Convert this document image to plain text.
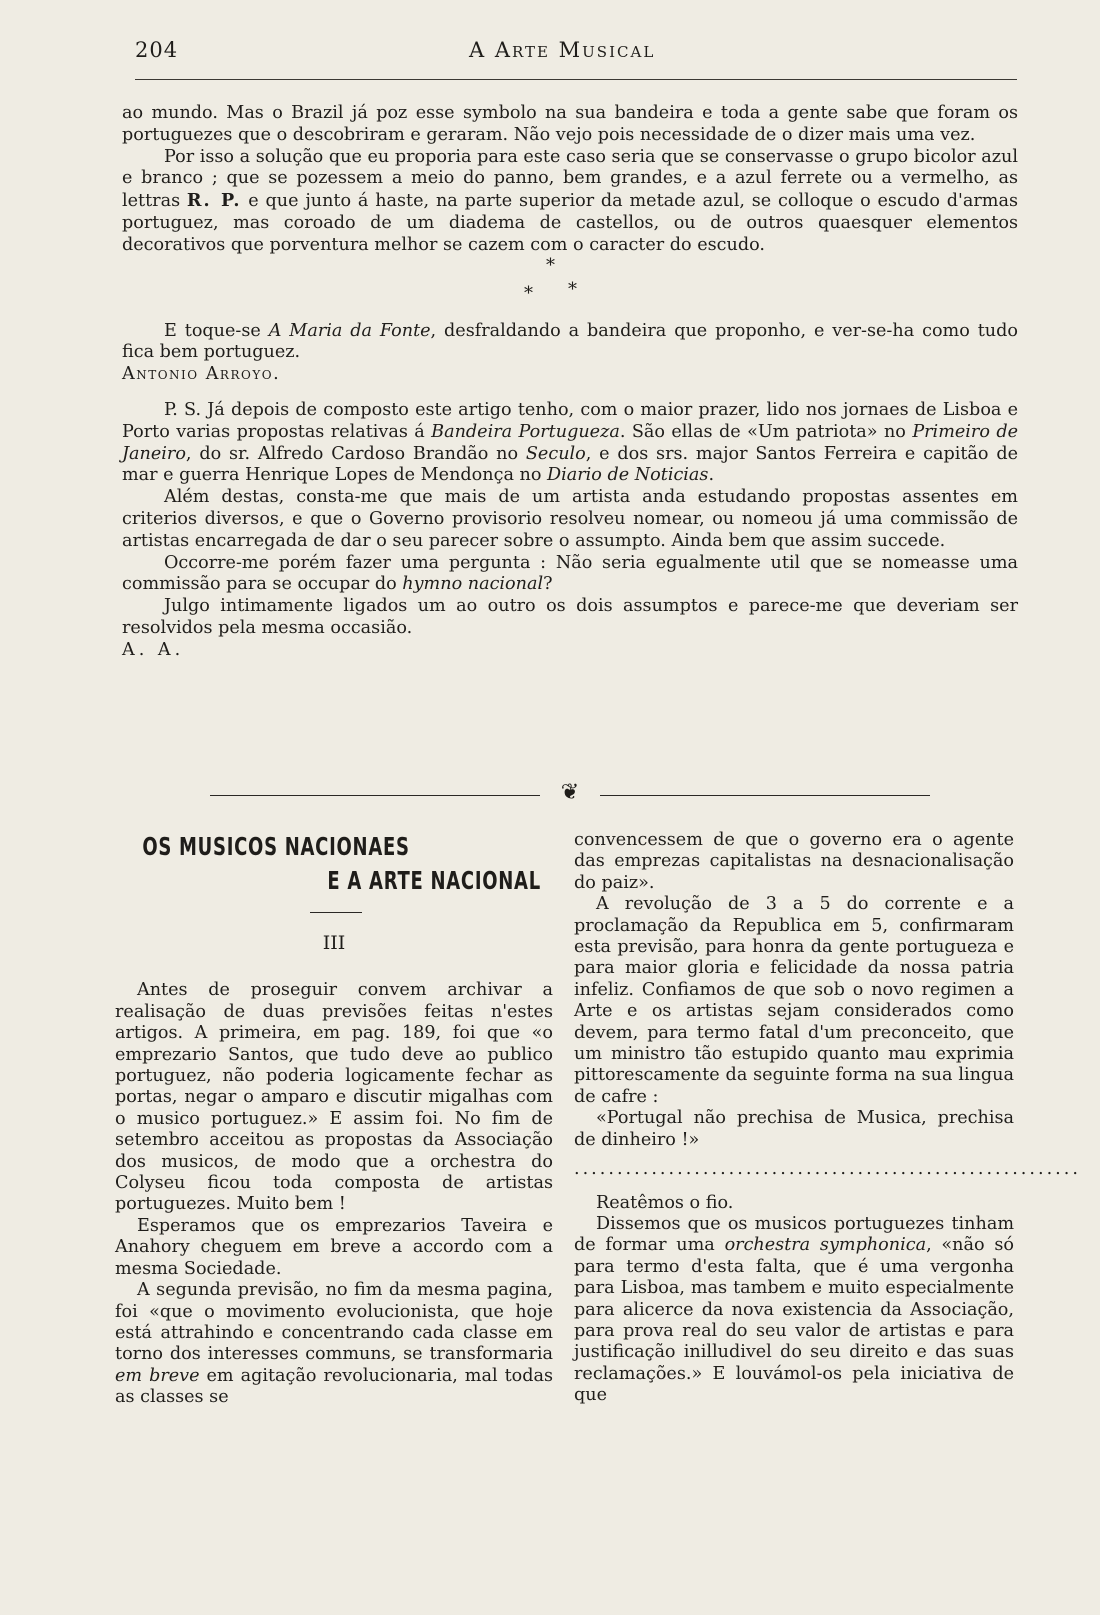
204	A Arte Musical

ao mundo. Mas o Brazil já poz esse symbolo na sua bandeira e toda a gente sabe que foram os portuguezes que o descobriram e geraram. Não vejo pois necessidade de o dizer mais uma vez.

Por isso a solução que eu proporia para este caso seria que se conservasse o grupo bicolor azul e branco ; que se pozessem a meio do panno, bem grandes, e a azul ferrete ou a vermelho, as lettras R. P. e que junto á haste, na parte superior da metade azul, se colloque o escudo d'armas portuguez, mas coroado de um diadema de castellos, ou de outros quaesquer elementos decorativos que porventura melhor se cazem com o caracter do escudo.

*
* *

E toque-se A Maria da Fonte, desfraldando a bandeira que proponho, e ver-se-ha como tudo fica bem portuguez.

Antonio Arroyo.

P. S. Já depois de composto este artigo tenho, com o maior prazer, lido nos jornaes de Lisboa e Porto varias propostas relativas á Bandeira Portugueza. São ellas de «Um patriota» no Primeiro de Janeiro, do sr. Alfredo Cardoso Brandão no Seculo, e dos srs. major Santos Ferreira e capitão de mar e guerra Henrique Lopes de Mendonça no Diario de Noticias.

Além destas, consta-me que mais de um artista anda estudando propostas assentes em criterios diversos, e que o Governo provisorio resolveu nomear, ou nomeou já uma commissão de artistas encarregada de dar o seu parecer sobre o assumpto. Ainda bem que assim succede.

Occorre-me porém fazer uma pergunta : Não seria egualmente util que se nomeasse uma commissão para se occupar do hymno nacional?

Julgo intimamente ligados um ao outro os dois assumptos e parece-me que deveriam ser resolvidos pela mesma occasião.

A. A.

❦
OS MUSICOS NACIONAES
E A ARTE NACIONAL
III

Antes de proseguir convem archivar a realisação de duas previsões feitas n'estes artigos. A primeira, em pag. 189, foi que «o emprezario Santos, que tudo deve ao publico portuguez, não poderia logicamente fechar as portas, negar o amparo e discutir migalhas com o musico portuguez.» E assim foi. No fim de setembro acceitou as propostas da Associação dos musicos, de modo que a orchestra do Colyseu ficou toda composta de artistas portuguezes. Muito bem !

Esperamos que os emprezarios Taveira e Anahory cheguem em breve a accordo com a mesma Sociedade.

A segunda previsão, no fim da mesma pagina, foi «que o movimento evolucionista, que hoje está attrahindo e concentrando cada classe em torno dos interesses communs, se transformaria em breve em agitação revolucionaria, mal todas as classes se

convencessem de que o governo era o agente das emprezas capitalistas na desnacionalisação do paiz».

A revolução de 3 a 5 do corrente e a proclamação da Republica em 5, confirmaram esta previsão, para honra da gente portugueza e para maior gloria e felicidade da nossa patria infeliz. Confiamos de que sob o novo regimen a Arte e os artistas sejam considerados como devem, para termo fatal d'um preconceito, que um ministro tão estupido quanto mau exprimia pittorescamente da seguinte forma na sua lingua de cafre :

«Portugal não prechisa de Musica, prechisa de dinheiro !»

...........................................................

Reatêmos o fio.

Dissemos que os musicos portuguezes tinham de formar uma orchestra symphonica, «não só para termo d'esta falta, que é uma vergonha para Lisboa, mas tambem e muito especialmente para alicerce da nova existencia da Associação, para prova real do seu valor de artistas e para justificação inilludivel do seu direito e das suas reclamações.» E louvámol-os pela iniciativa de que
